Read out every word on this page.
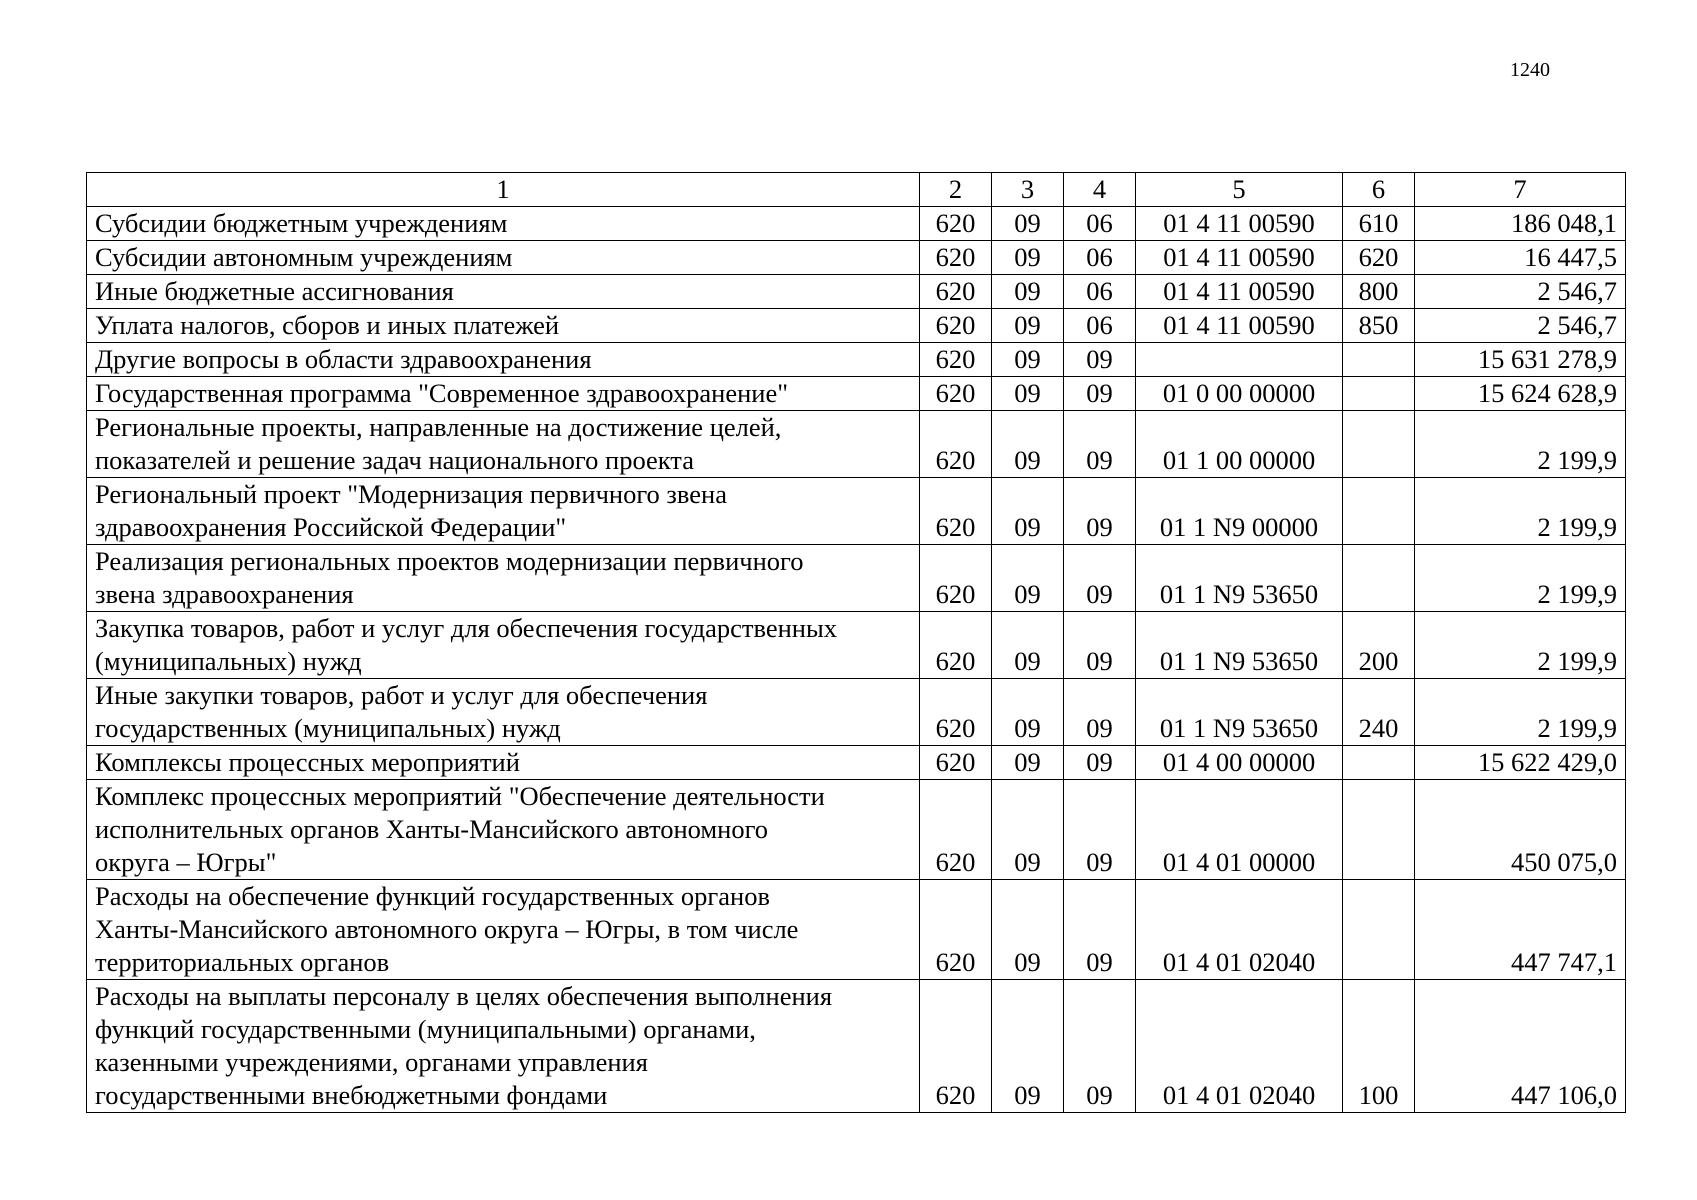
1240
1	2	3	4	5	6	7

Субсидии бюджетным учреждениям	620	09	06	01 4 11 00590	610	186 048,1

Субсидии автономным учреждениям	620	09	06	01 4 11 00590	620	16 447,5

Иные бюджетные ассигнования	620	09	06	01 4 11 00590	800	2 546,7

Уплата налогов, сборов и иных платежей	620	09	06	01 4 11 00590	850	2 546,7

Другие вопросы в области здравоохранения	620	09	09			15 631 278,9

Государственная программа "Современное здравоохранение"	620	09	09	01 0 00 00000		15 624 628,9

Региональные проекты, направленные на достижение целей,
показателей и решение задач национального проекта	620	09	09	01 1 00 00000		2 199,9

Региональный проект "Модернизация первичного звена
здравоохранения Российской Федерации"	620	09	09	01 1 N9 00000		2 199,9

Реализация региональных проектов модернизации первичного
звена здравоохранения	620	09	09	01 1 N9 53650		2 199,9

Закупка товаров, работ и услуг для обеспечения государственных
(муниципальных) нужд	620	09	09	01 1 N9 53650	200	2 199,9

Иные закупки товаров, работ и услуг для обеспечения
государственных (муниципальных) нужд	620	09	09	01 1 N9 53650	240	2 199,9

Комплексы процессных мероприятий	620	09	09	01 4 00 00000		15 622 429,0

Комплекс процессных мероприятий "Обеспечение деятельности
исполнительных органов Ханты-Мансийского автономного
округа – Югры"	620	09	09	01 4 01 00000		450 075,0

Расходы на обеспечение функций государственных органов
Ханты-Мансийского автономного округа – Югры, в том числе
территориальных органов	620	09	09	01 4 01 02040		447 747,1

Расходы на выплаты персоналу в целях обеспечения выполнения
функций государственными (муниципальными) органами,
казенными учреждениями, органами управления
государственными внебюджетными фондами	620	09	09	01 4 01 02040	100	447 106,0
